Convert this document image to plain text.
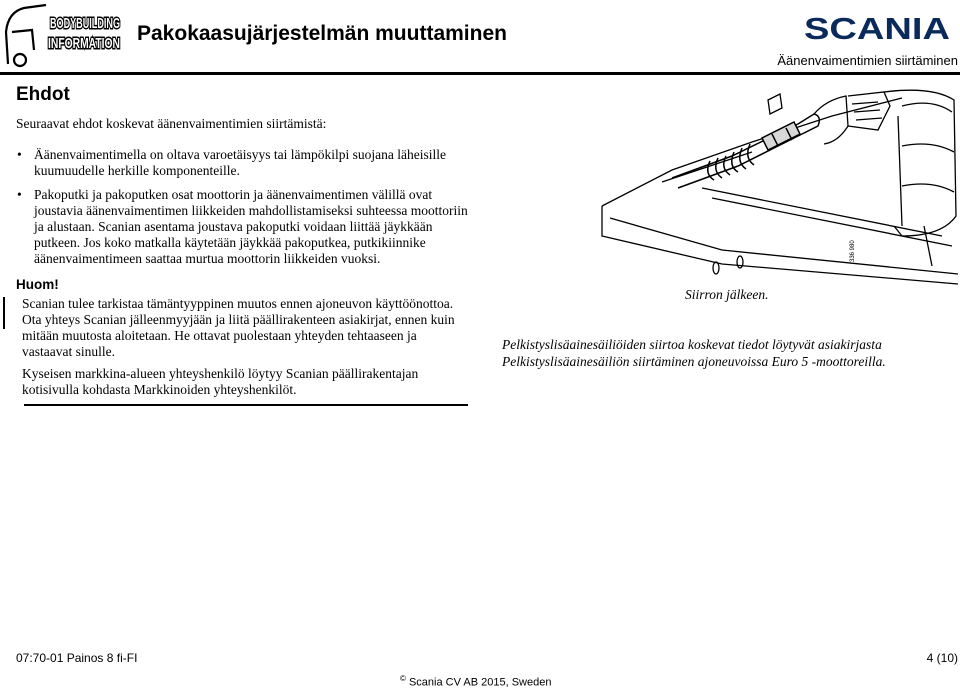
BODYBUILDING
INFORMATION Pakokaasujärjestelmän muuttaminen	SCANIA
Äänenvaimentimien siirtäminen
Ehdot

Seuraavat ehdot koskevat äänenvaimentimien siirtämistä:

• Äänenvaimentimella on oltava varoetäisyys tai lämpökilpi suojana läheisille kuumuudelle herkille komponenteille.
• Pakoputki ja pakoputken osat moottorin ja äänenvaimentimen välillä ovat joustavia äänenvaimentimen liikkeiden mahdollistamiseksi suhteessa moottoriin ja alustaan. Scanian asentama joustava pakoputki voidaan liittää jäykkään putkeen. Jos koko matkalla käytetään jäykkää pakoputkea, putkikiinnike äänenvaimentimeen saattaa murtua moottorin liikkeiden vuoksi.
Huom!

Scanian tulee tarkistaa tämäntyyppinen muutos ennen ajoneuvon käyttöönottoa. Ota yhteys Scanian jälleenmyyjään ja liitä päällirakenteen asiakirjat, ennen kuin mitään muutosta aloitetaan. He ottavat puolestaan yhteyden tehtaaseen ja vastaavat sinulle.

Kyseisen markkina-alueen yhteyshenkilö löytyy Scanian päällirakentajan kotisivulla kohdasta Markkinoiden yhteyshenkilöt.

336 980
Siirron jälkeen.

Pelkistyslisäainesäiliöiden siirtoa koskevat tiedot löytyvät asiakirjasta Pelkistyslisäainesäiliön siirtäminen ajoneuvoissa Euro 5 -moottoreilla.

07:70-01 Painos 8 fi-FI	4 (10)
© Scania CV AB 2015, Sweden
